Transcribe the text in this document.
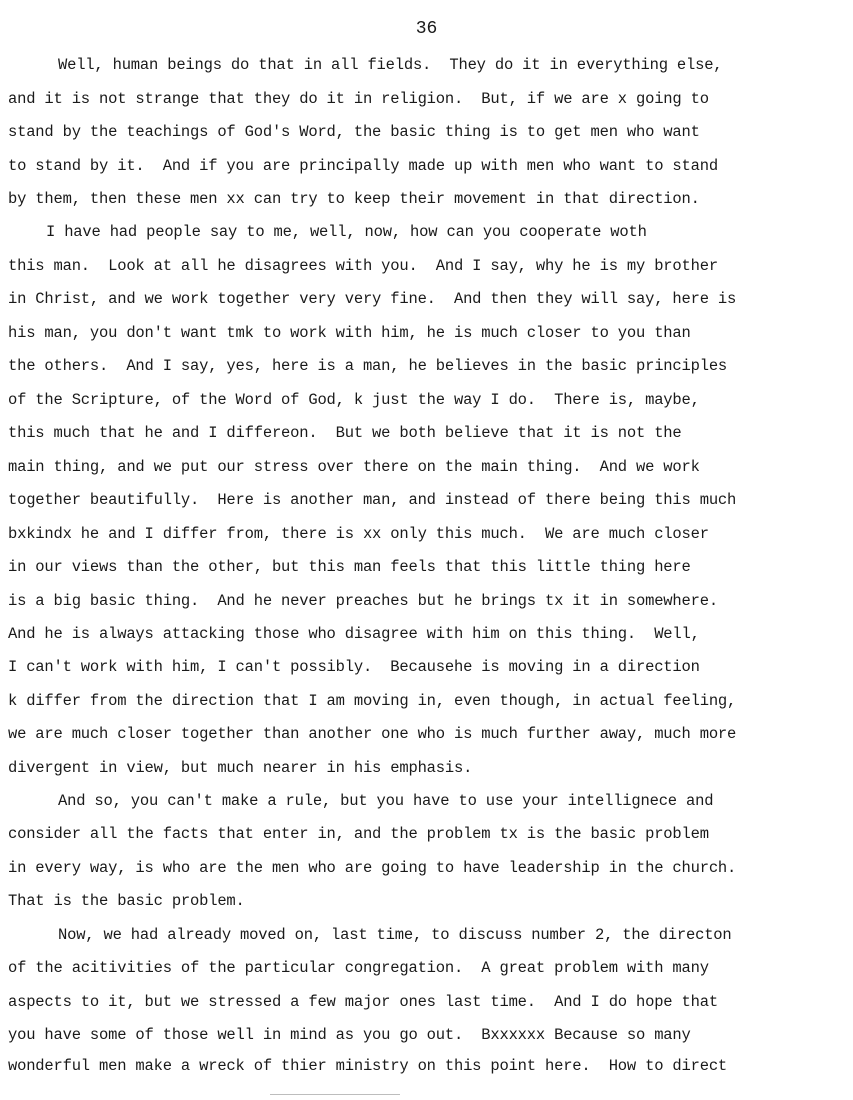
36
Well, human beings do that in all fields.  They do it in everything else,
and it is not strange that they do it in religion.  But, if we are x going to
stand by the teachings of God's Word, the basic thing is to get men who want
to stand by it.  And if you are principally made up with men who want to stand
by them, then these men xx can try to keep their movement in that direction.
I have had people say to me, well, now, how can you cooperate woth
this man.  Look at all he disagrees with you.  And I say, why he is my brother
in Christ, and we work together very very fine.  And then they will say, here is
his man, you don't want tmk to work with him, he is much closer to you than
the others.  And I say, yes, here is a man, he believes in the basic principles
of the Scripture, of the Word of God, k just the way I do.  There is, maybe,
this much that he and I differeon.  But we both believe that it is not the
main thing, and we put our stress over there on the main thing.  And we work
together beautifully.  Here is another man, and instead of there being this much
bxkindx he and I differ from, there is xx only this much.  We are much closer
in our views than the other, but this man feels that this little thing here
is a big basic thing.  And he never preaches but he brings tx it in somewhere.
And he is always attacking those who disagree with him on this thing.  Well,
I can't work with him, I can't possibly.  Becausehe is moving in a direction
k differ from the direction that I am moving in, even though, in actual feeling,
we are much closer together than another one who is much further away, much more
divergent in view, but much nearer in his emphasis.
And so, you can't make a rule, but you have to use your intellignece and
consider all the facts that enter in, and the problem tx is the basic problem
in every way, is who are the men who are going to have leadership in the church.
That is the basic problem.
Now, we had already moved on, last time, to discuss number 2, the directon
of the acitivities of the particular congregation.  A great problem with many
aspects to it, but we stressed a few major ones last time.  And I do hope that
you have some of those well in mind as you go out.  Bxxxxxx Because so many
wonderful men make a wreck of thier ministry on this point here.  How to direct
